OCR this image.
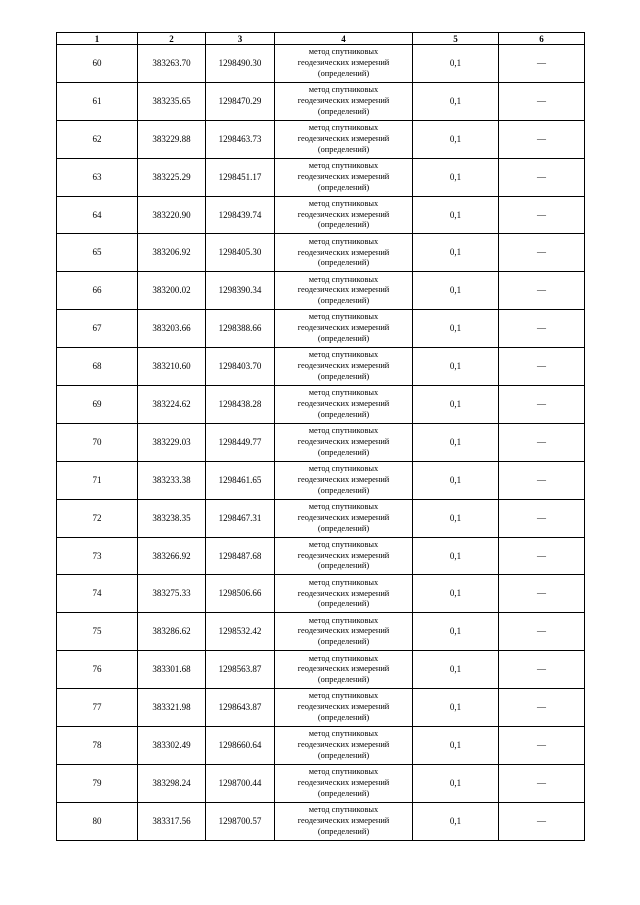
1	2	3	4	5	6
60	383263.70	1298490.30	метод спутниковых
геодезических измерений
(определений)	0,1	—
61	383235.65	1298470.29	метод спутниковых
геодезических измерений
(определений)	0,1	—
62	383229.88	1298463.73	метод спутниковых
геодезических измерений
(определений)	0,1	—
63	383225.29	1298451.17	метод спутниковых
геодезических измерений
(определений)	0,1	—
64	383220.90	1298439.74	метод спутниковых
геодезических измерений
(определений)	0,1	—
65	383206.92	1298405.30	метод спутниковых
геодезических измерений
(определений)	0,1	—
66	383200.02	1298390.34	метод спутниковых
геодезических измерений
(определений)	0,1	—
67	383203.66	1298388.66	метод спутниковых
геодезических измерений
(определений)	0,1	—
68	383210.60	1298403.70	метод спутниковых
геодезических измерений
(определений)	0,1	—
69	383224.62	1298438.28	метод спутниковых
геодезических измерений
(определений)	0,1	—
70	383229.03	1298449.77	метод спутниковых
геодезических измерений
(определений)	0,1	—
71	383233.38	1298461.65	метод спутниковых
геодезических измерений
(определений)	0,1	—
72	383238.35	1298467.31	метод спутниковых
геодезических измерений
(определений)	0,1	—
73	383266.92	1298487.68	метод спутниковых
геодезических измерений
(определений)	0,1	—
74	383275.33	1298506.66	метод спутниковых
геодезических измерений
(определений)	0,1	—
75	383286.62	1298532.42	метод спутниковых
геодезических измерений
(определений)	0,1	—
76	383301.68	1298563.87	метод спутниковых
геодезических измерений
(определений)	0,1	—
77	383321.98	1298643.87	метод спутниковых
геодезических измерений
(определений)	0,1	—
78	383302.49	1298660.64	метод спутниковых
геодезических измерений
(определений)	0,1	—
79	383298.24	1298700.44	метод спутниковых
геодезических измерений
(определений)	0,1	—
80	383317.56	1298700.57	метод спутниковых
геодезических измерений
(определений)	0,1	—
